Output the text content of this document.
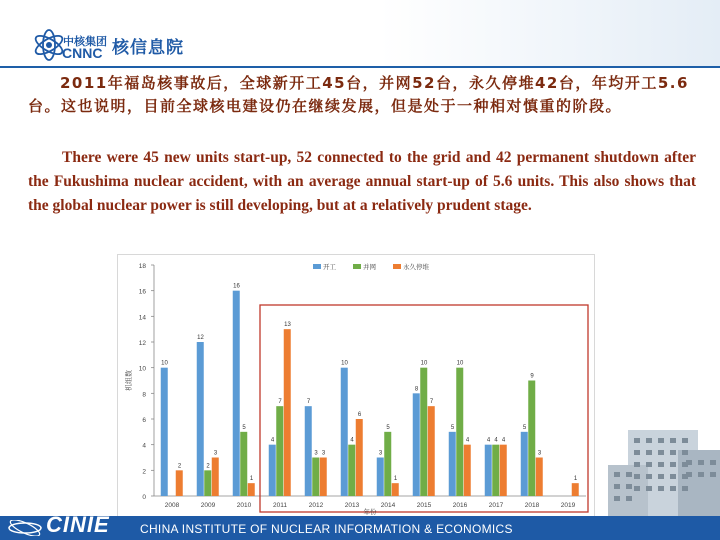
中核集团
CNNC 核信息院
2011年福岛核事故后，全球新开工45台，并网52台，永久停堆42台，年均开工5.6台。这也说明，目前全球核电建设仍在继续发展，但是处于一种相对慎重的阶段。
There were 45 new units start-up, 52 connected to the grid and 42 permanent shutdown after the Fukushima nuclear accident, with an average annual start-up of 5.6 units. This also shows that the global nuclear power is still developing, but at a relatively prudent stage.
0
2
4
6
8
10
12
14
16
18
机组数
10
2
2008
12
2
3
2009
16
5
1
2010
4
7
13
2011
7
3 3
2012
10
4
6
2013
3
5
1
2014
8
10
7
2015
5
10
4
2016
4 4 4
2017
5
9
3
2018
1
2019
开工	并网	永久停堆
年份
CINIE	CHINA INSTITUTE OF NUCLEAR INFORMATION & ECONOMICS
